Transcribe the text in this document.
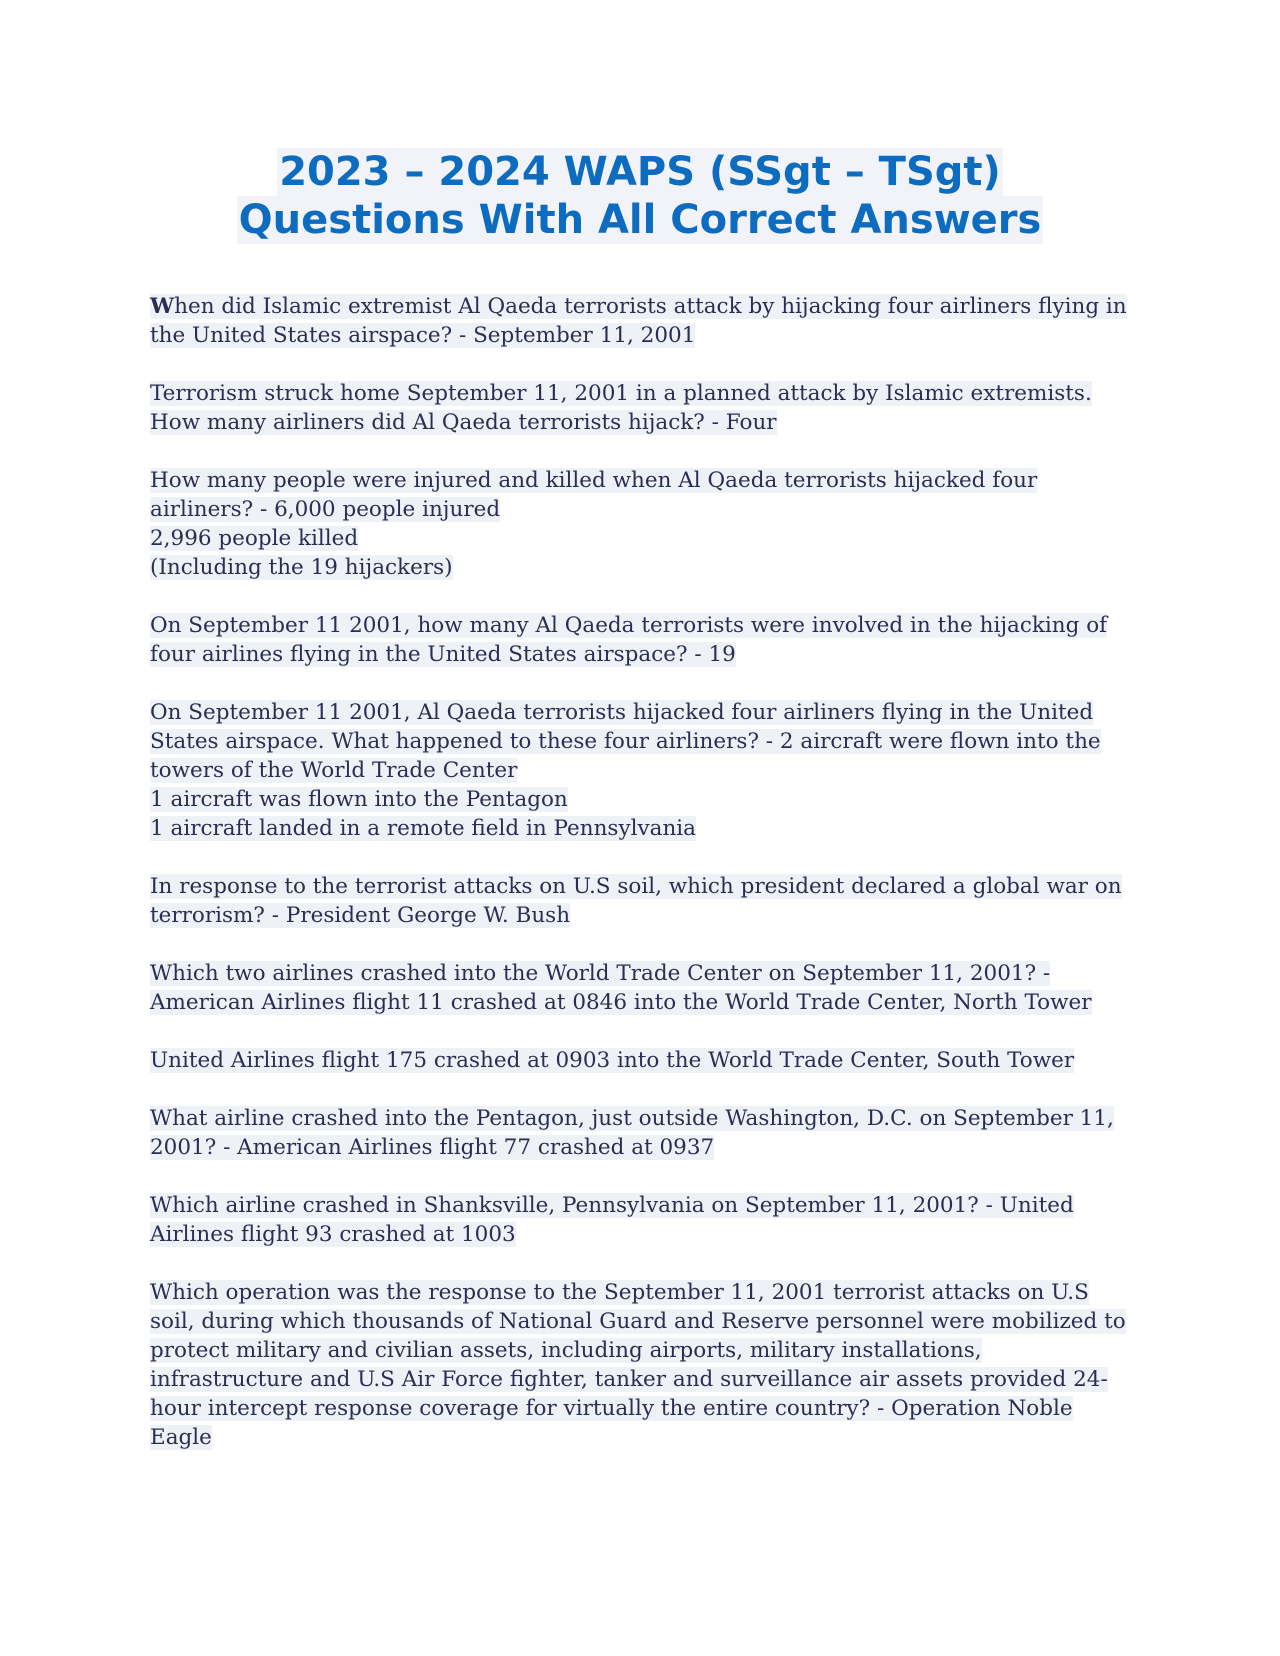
2023 – 2024 WAPS (SSgt – TSgt)
Questions With All Correct Answers

When did Islamic extremist Al Qaeda terrorists attack by hijacking four airliners flying in the United States airspace? - September 11, 2001

Terrorism struck home September 11, 2001 in a planned attack by Islamic extremists. How many airliners did Al Qaeda terrorists hijack? - Four

How many people were injured and killed when Al Qaeda terrorists hijacked four airliners? - 6,000 people injured
2,996 people killed
(Including the 19 hijackers)

On September 11 2001, how many Al Qaeda terrorists were involved in the hijacking of four airlines flying in the United States airspace? - 19

On September 11 2001, Al Qaeda terrorists hijacked four airliners flying in the United States airspace. What happened to these four airliners? - 2 aircraft were flown into the towers of the World Trade Center
1 aircraft was flown into the Pentagon
1 aircraft landed in a remote field in Pennsylvania

In response to the terrorist attacks on U.S soil, which president declared a global war on terrorism? - President George W. Bush

Which two airlines crashed into the World Trade Center on September 11, 2001? - American Airlines flight 11 crashed at 0846 into the World Trade Center, North Tower

United Airlines flight 175 crashed at 0903 into the World Trade Center, South Tower

What airline crashed into the Pentagon, just outside Washington, D.C. on September 11, 2001? - American Airlines flight 77 crashed at 0937

Which airline crashed in Shanksville, Pennsylvania on September 11, 2001? - United Airlines flight 93 crashed at 1003

Which operation was the response to the September 11, 2001 terrorist attacks on U.S soil, during which thousands of National Guard and Reserve personnel were mobilized to protect military and civilian assets, including airports, military installations, infrastructure and U.S Air Force fighter, tanker and surveillance air assets provided 24-hour intercept response coverage for virtually the entire country? - Operation Noble Eagle
